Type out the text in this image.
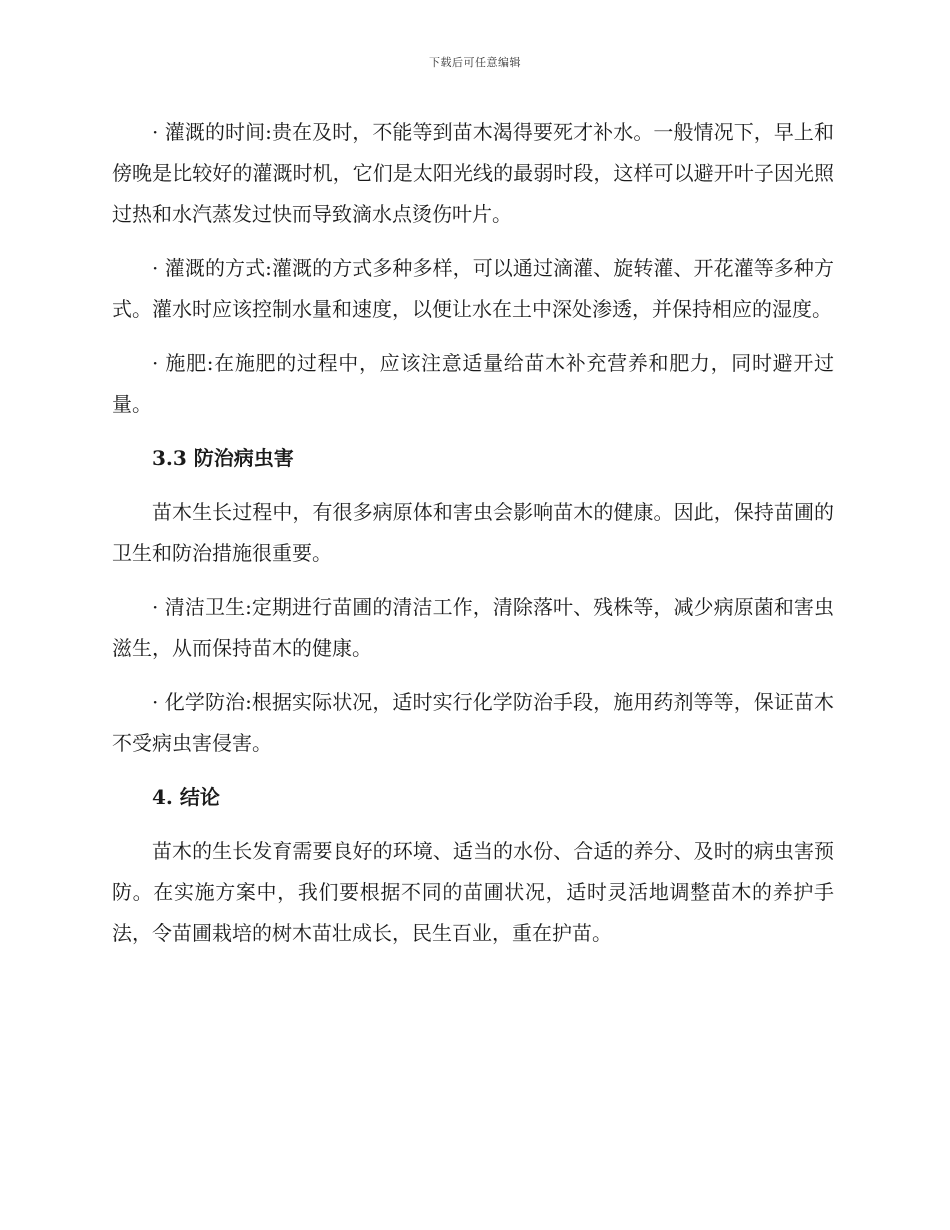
下载后可任意编辑

· 灌溉的时间:贵在及时，不能等到苗木渴得要死才补水。一般情况下，早上和傍晚是比较好的灌溉时机，它们是太阳光线的最弱时段，这样可以避开叶子因光照过热和水汽蒸发过快而导致滴水点烫伤叶片。

· 灌溉的方式:灌溉的方式多种多样，可以通过滴灌、旋转灌、开花灌等多种方式。灌水时应该控制水量和速度，以便让水在土中深处渗透，并保持相应的湿度。

· 施肥:在施肥的过程中，应该注意适量给苗木补充营养和肥力，同时避开过量。

3.3 防治病虫害

苗木生长过程中，有很多病原体和害虫会影响苗木的健康。因此，保持苗圃的卫生和防治措施很重要。

· 清洁卫生:定期进行苗圃的清洁工作，清除落叶、残株等，减少病原菌和害虫滋生，从而保持苗木的健康。

· 化学防治:根据实际状况，适时实行化学防治手段，施用药剂等等，保证苗木不受病虫害侵害。

4. 结论

苗木的生长发育需要良好的环境、适当的水份、合适的养分、及时的病虫害预防。在实施方案中，我们要根据不同的苗圃状况，适时灵活地调整苗木的养护手法，令苗圃栽培的树木苗壮成长，民生百业，重在护苗。
